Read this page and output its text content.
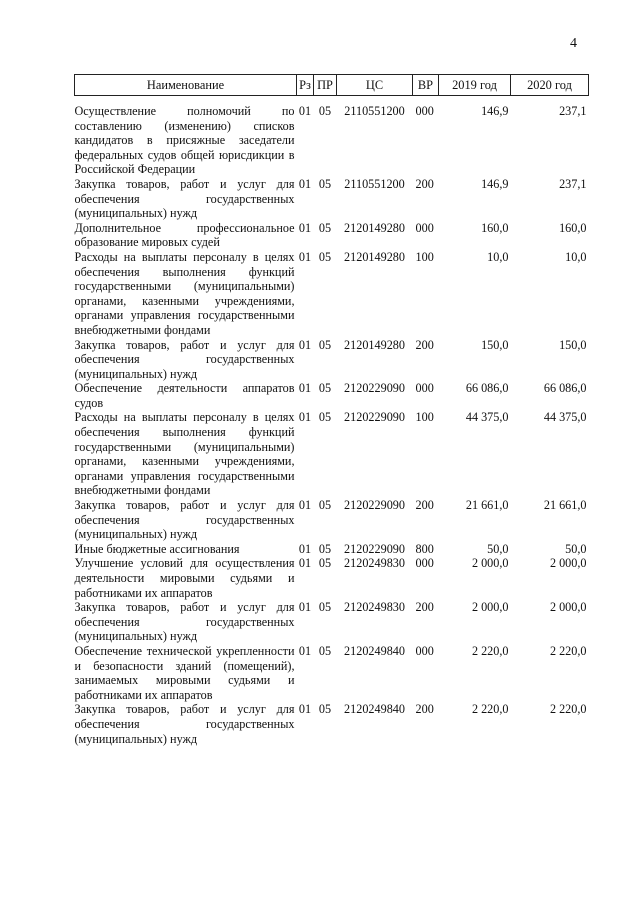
4
Наименование	Рз	ПР	ЦС	ВР	2019 год	2020 год

Осуществление полномочий по составлению (изменению) списков кандидатов в присяжные заседатели федеральных судов общей юрисдикции в Российской Федерации	01	05	2110551200	000	146,9	237,1
Закупка товаров, работ и услуг для обеспечения государственных (муниципальных) нужд	01	05	2110551200	200	146,9	237,1
Дополнительное профессиональное образование мировых судей	01	05	2120149280	000	160,0	160,0
Расходы на выплаты персоналу в целях обеспечения выполнения функций государственными (муниципальными) органами, казенными учреждениями, органами управления государственными внебюджетными фондами	01	05	2120149280	100	10,0	10,0
Закупка товаров, работ и услуг для обеспечения государственных (муниципальных) нужд	01	05	2120149280	200	150,0	150,0
Обеспечение деятельности аппаратов судов	01	05	2120229090	000	66 086,0	66 086,0
Расходы на выплаты персоналу в целях обеспечения выполнения функций государственными (муниципальными) органами, казенными учреждениями, органами управления государственными внебюджетными фондами	01	05	2120229090	100	44 375,0	44 375,0
Закупка товаров, работ и услуг для обеспечения государственных (муниципальных) нужд	01	05	2120229090	200	21 661,0	21 661,0
Иные бюджетные ассигнования	01	05	2120229090	800	50,0	50,0
Улучшение условий для осуществления деятельности мировыми судьями и работниками их аппаратов	01	05	2120249830	000	2 000,0	2 000,0
Закупка товаров, работ и услуг для обеспечения государственных (муниципальных) нужд	01	05	2120249830	200	2 000,0	2 000,0
Обеспечение технической укрепленности и безопасности зданий (помещений), занимаемых мировыми судьями и работниками их аппаратов	01	05	2120249840	000	2 220,0	2 220,0
Закупка товаров, работ и услуг для обеспечения государственных (муниципальных) нужд	01	05	2120249840	200	2 220,0	2 220,0
